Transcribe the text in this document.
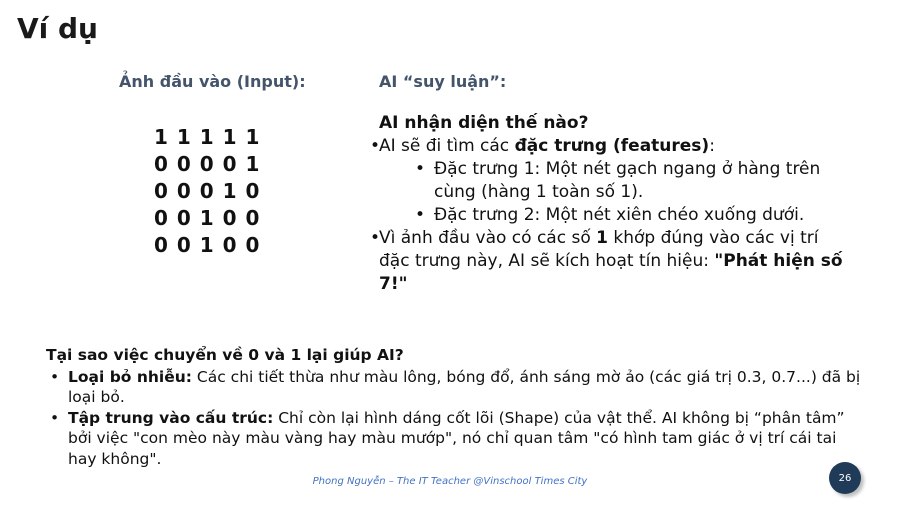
Ví dụ
Ảnh đầu vào (Input):	AI “suy luận”:
1 1 1 1 1
0 0 0 0 1
0 0 0 1 0
0 0 1 0 0
0 0 1 0 0
AI nhận diện thế nào?
•
AI sẽ đi tìm các đặc trưng (features):
• Đặc trưng 1: Một nét gạch ngang ở hàng trên cùng (hàng 1 toàn số 1).
• Đặc trưng 2: Một nét xiên chéo xuống dưới.
•
Vì ảnh đầu vào có các số 1 khớp đúng vào các vị trí đặc trưng này, AI sẽ kích hoạt tín hiệu: "Phát hiện số 7!"
Tại sao việc chuyển về 0 và 1 lại giúp AI?
• Loại bỏ nhiễu: Các chi tiết thừa như màu lông, bóng đổ, ánh sáng mờ ảo (các giá trị 0.3, 0.7...) đã bị loại bỏ.
• Tập trung vào cấu trúc: Chỉ còn lại hình dáng cốt lõi (Shape) của vật thể. AI không bị “phân tâm” bởi việc "con mèo này màu vàng hay màu mướp", nó chỉ quan tâm "có hình tam giác ở vị trí cái tai hay không".
Phong Nguyễn – The IT Teacher @Vinschool Times City	26
